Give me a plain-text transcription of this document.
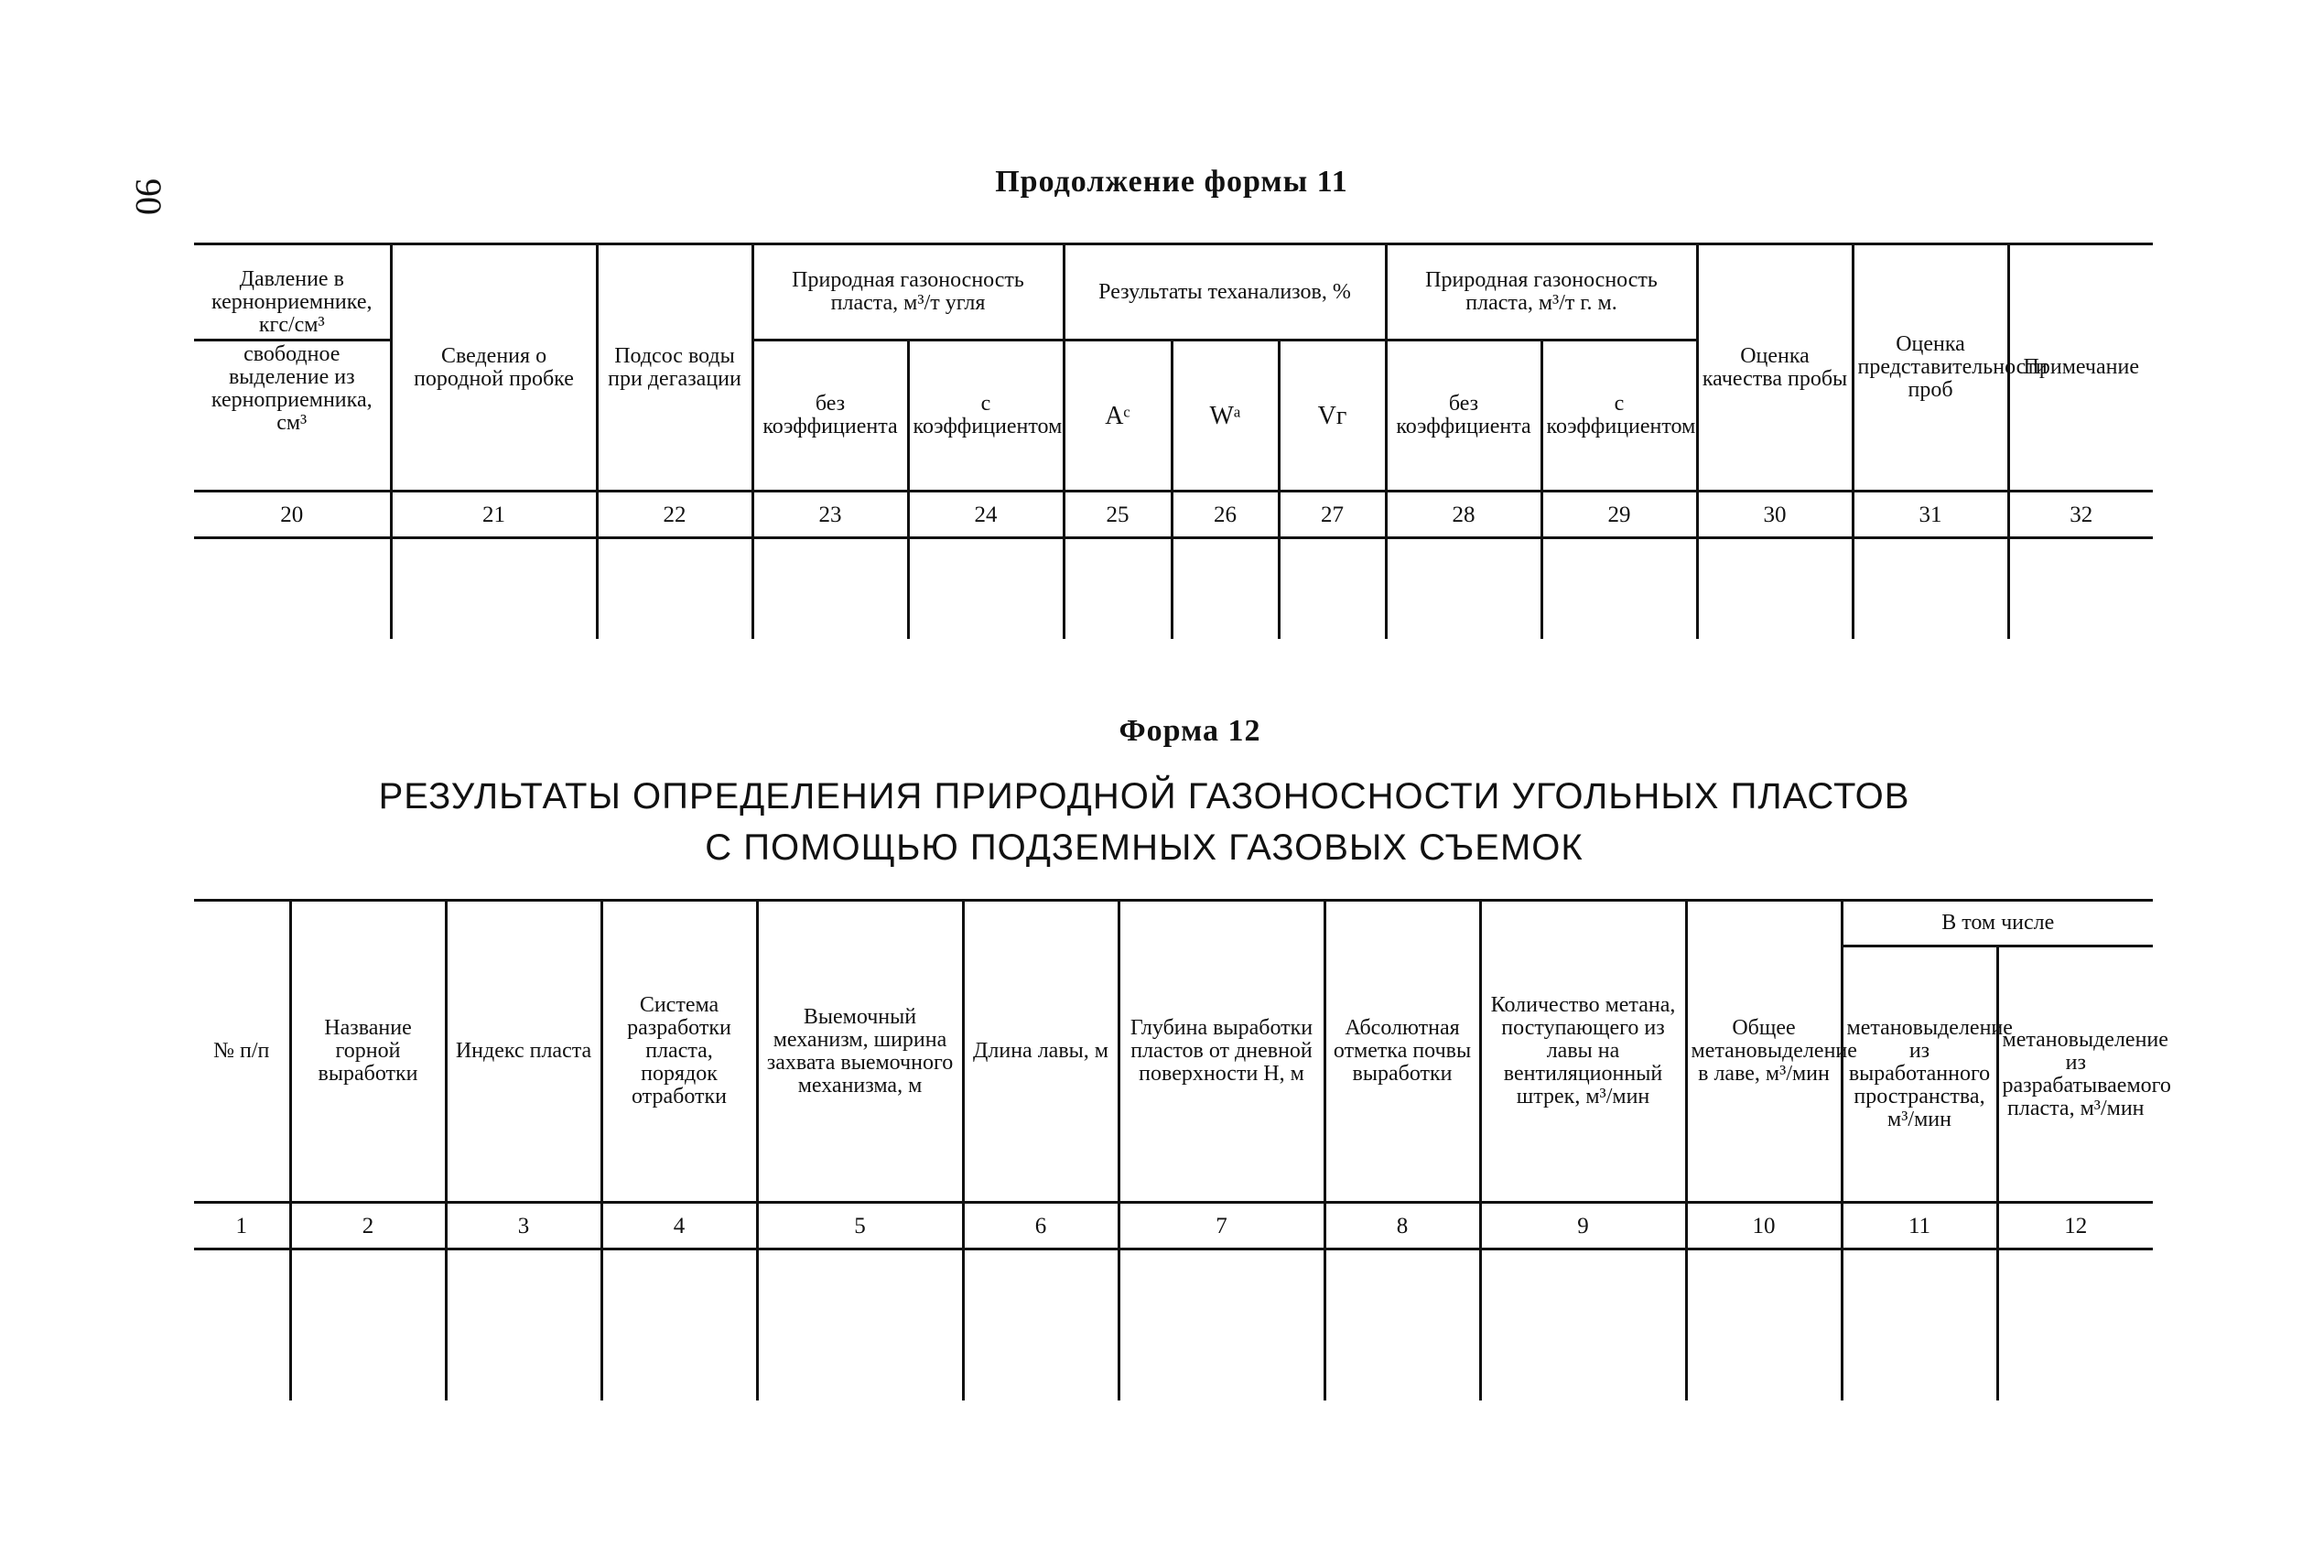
90	Продолжение формы 11
Давление в кернонриемнике, кгс/см³	Сведения о породной пробке	Подсос воды при дегазации	Природная газоносность пласта, м³/т угля		Результаты теханализов, %			Природная газоносность пласта, м³/т г. м.		Оценка качества пробы	Оценка представительности проб	Примечание
свободное выделение из керноприемника, см³			без коэффициента	с коэффициентом	Aᶜ	Wᵃ	Vᴦ	без коэффициента	с коэффициентом			
20	21	22	23	24	25	26	27	28	29	30	31	32

Форма 12
РЕЗУЛЬТАТЫ ОПРЕДЕЛЕНИЯ ПРИРОДНОЙ ГАЗОНОСНОСТИ УГОЛЬНЫХ ПЛАСТОВ
С ПОМОЩЬЮ ПОДЗЕМНЫХ ГАЗОВЫХ СЪЕМОК
№ п/п	Название горной выработки	Индекс пласта	Система разработки пласта, порядок отработки	Выемочный механизм, ширина захвата выемочного механизма, м	Длина лавы, м	Глубина выработки пластов от дневной поверхности Н, м	Абсолютная отметка почвы выработки	Количество метана, поступающего из лавы на вентиляционный штрек, м³/мин	Общее метановыделение в лаве, м³/мин	В том числе	
										метановыделение из выработанного пространства, м³/мин	метановыделение из разрабатываемого пласта, м³/мин
1	2	3	4	5	6	7	8	9	10	11	12
